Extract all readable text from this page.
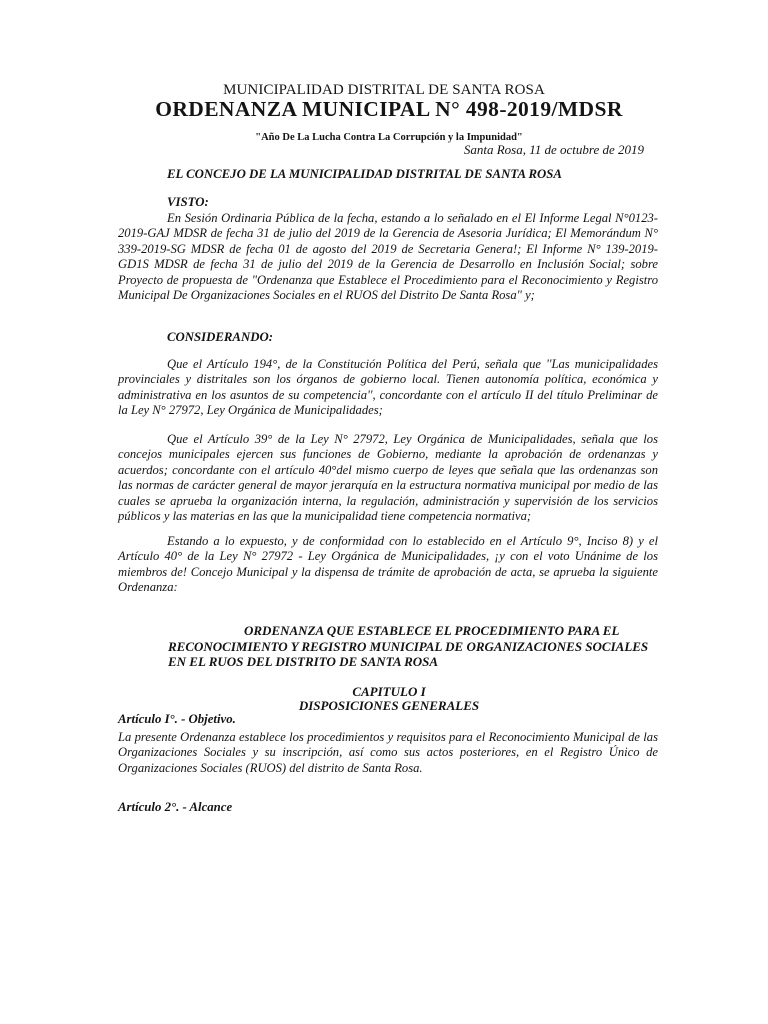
MUNICIPALIDAD DISTRITAL DE SANTA ROSA

ORDENANZA MUNICIPAL N° 498-2019/MDSR

"Año De La Lucha Contra La Corrupción y la Impunidad"

Santa Rosa, 11 de octubre de 2019

EL CONCEJO DE LA MUNICIPALIDAD DISTRITAL DE SANTA ROSA

VISTO:

En Sesión Ordinaria Pública de la fecha, estando a lo señalado en el El Informe Legal N°0123-2019-GAJ MDSR de fecha 31 de julio del 2019 de la Gerencia de Asesoria Jurídica; El Memorándum N° 339-2019-SG MDSR de fecha 01 de agosto del 2019 de Secretaria Genera!; El Informe N° 139-2019-GD1S MDSR de fecha 31 de julio del 2019 de la Gerencia de Desarrollo en Inclusión Social; sobre Proyecto de propuesta de "Ordenanza que Establece el Procedimiento para el Reconocimiento y Registro Municipal De Organizaciones Sociales en el RUOS del Distrito De Santa Rosa" y;

CONSIDERANDO:

Que el Artículo 194°, de la Constitución Política del Perú, señala que ''Las municipalidades provinciales y distritales son los órganos de gobierno local. Tienen autonomía política, económica y administrativa en los asuntos de su competencia'', concordante con el artículo II del título Preliminar de la Ley N° 27972, Ley Orgánica de Municipalidades;

Que el Artículo 39° de la Ley N° 27972, Ley Orgánica de Municipalidades, señala que los concejos municipales ejercen sus funciones de Gobierno, mediante la aprobación de ordenanzas y acuerdos; concordante con el artículo 40°del mismo cuerpo de leyes que señala que las ordenanzas son las normas de carácter general de mayor jerarquía en la estructura normativa municipal por medio de las cuales se aprueba la organización interna, la regulación, administración y supervisión de los servicios públicos y las materias en las que la municipalidad tiene competencia normativa;

Estando a lo expuesto, y de conformidad con lo establecido en el Artículo 9°, Inciso 8) y el Artículo 40° de la Ley N° 27972 - Ley Orgánica de Municipalidades, ¡y con el voto Unánime de los miembros de! Concejo Municipal y la dispensa de trámite de aprobación de acta, se aprueba la siguiente Ordenanza:

ORDENANZA QUE ESTABLECE EL PROCEDIMIENTO PARA EL RECONOCIMIENTO Y REGISTRO MUNICIPAL DE ORGANIZACIONES SOCIALES EN EL RUOS DEL DISTRITO DE SANTA ROSA

CAPITULO I

DISPOSICIONES GENERALES

Artículo I°. - Objetivo.

La presente Ordenanza establece los procedimientos y requisitos para el Reconocimiento Municipal de las Organizaciones Sociales y su inscripción, así como sus actos posteriores, en el Registro Único de Organizaciones Sociales (RUOS) del distrito de Santa Rosa.

Artículo 2°. - Alcance
